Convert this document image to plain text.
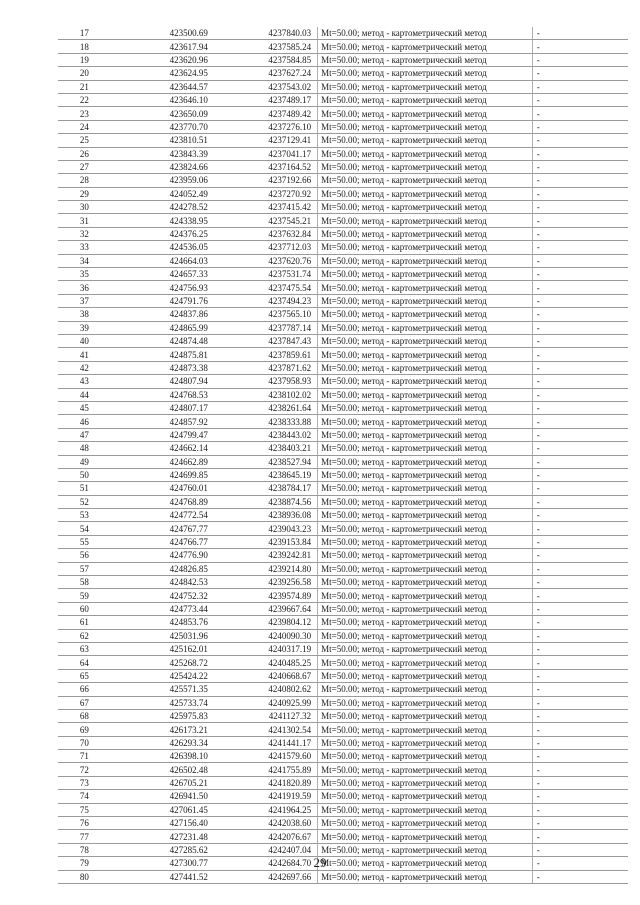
17	423500.69	4237840.03	Mt=50.00; метод - картометрический метод	-
18	423617.94	4237585.24	Mt=50.00; метод - картометрический метод	-
19	423620.96	4237584.85	Mt=50.00; метод - картометрический метод	-
20	423624.95	4237627.24	Mt=50.00; метод - картометрический метод	-
21	423644.57	4237543.02	Mt=50.00; метод - картометрический метод	-
22	423646.10	4237489.17	Mt=50.00; метод - картометрический метод	-
23	423650.09	4237489.42	Mt=50.00; метод - картометрический метод	-
24	423770.70	4237276.10	Mt=50.00; метод - картометрический метод	-
25	423810.51	4237129.41	Mt=50.00; метод - картометрический метод	-
26	423843.39	4237041.17	Mt=50.00; метод - картометрический метод	-
27	423824.66	4237164.52	Mt=50.00; метод - картометрический метод	-
28	423959.06	4237192.66	Mt=50.00; метод - картометрический метод	-
29	424052.49	4237270.92	Mt=50.00; метод - картометрический метод	-
30	424278.52	4237415.42	Mt=50.00; метод - картометрический метод	-
31	424338.95	4237545.21	Mt=50.00; метод - картометрический метод	-
32	424376.25	4237632.84	Mt=50.00; метод - картометрический метод	-
33	424536.05	4237712.03	Mt=50.00; метод - картометрический метод	-
34	424664.03	4237620.76	Mt=50.00; метод - картометрический метод	-
35	424657.33	4237531.74	Mt=50.00; метод - картометрический метод	-
36	424756.93	4237475.54	Mt=50.00; метод - картометрический метод	-
37	424791.76	4237494.23	Mt=50.00; метод - картометрический метод	-
38	424837.86	4237565.10	Mt=50.00; метод - картометрический метод	-
39	424865.99	4237787.14	Mt=50.00; метод - картометрический метод	-
40	424874.48	4237847.43	Mt=50.00; метод - картометрический метод	-
41	424875.81	4237859.61	Mt=50.00; метод - картометрический метод	-
42	424873.38	4237871.62	Mt=50.00; метод - картометрический метод	-
43	424807.94	4237958.93	Mt=50.00; метод - картометрический метод	-
44	424768.53	4238102.02	Mt=50.00; метод - картометрический метод	-
45	424807.17	4238261.64	Mt=50.00; метод - картометрический метод	-
46	424857.92	4238333.88	Mt=50.00; метод - картометрический метод	-
47	424799.47	4238443.02	Mt=50.00; метод - картометрический метод	-
48	424662.14	4238403.21	Mt=50.00; метод - картометрический метод	-
49	424662.89	4238527.94	Mt=50.00; метод - картометрический метод	-
50	424699.85	4238645.19	Mt=50.00; метод - картометрический метод	-
51	424760.01	4238784.17	Mt=50.00; метод - картометрический метод	-
52	424768.89	4238874.56	Mt=50.00; метод - картометрический метод	-
53	424772.54	4238936.08	Mt=50.00; метод - картометрический метод	-
54	424767.77	4239043.23	Mt=50.00; метод - картометрический метод	-
55	424766.77	4239153.84	Mt=50.00; метод - картометрический метод	-
56	424776.90	4239242.81	Mt=50.00; метод - картометрический метод	-
57	424826.85	4239214.80	Mt=50.00; метод - картометрический метод	-
58	424842.53	4239256.58	Mt=50.00; метод - картометрический метод	-
59	424752.32	4239574.89	Mt=50.00; метод - картометрический метод	-
60	424773.44	4239667.64	Mt=50.00; метод - картометрический метод	-
61	424853.76	4239804.12	Mt=50.00; метод - картометрический метод	-
62	425031.96	4240090.30	Mt=50.00; метод - картометрический метод	-
63	425162.01	4240317.19	Mt=50.00; метод - картометрический метод	-
64	425268.72	4240485.25	Mt=50.00; метод - картометрический метод	-
65	425424.22	4240668.67	Mt=50.00; метод - картометрический метод	-
66	425571.35	4240802.62	Mt=50.00; метод - картометрический метод	-
67	425733.74	4240925.99	Mt=50.00; метод - картометрический метод	-
68	425975.83	4241127.32	Mt=50.00; метод - картометрический метод	-
69	426173.21	4241302.54	Mt=50.00; метод - картометрический метод	-
70	426293.34	4241441.17	Mt=50.00; метод - картометрический метод	-
71	426398.10	4241579.60	Mt=50.00; метод - картометрический метод	-
72	426502.48	4241755.89	Mt=50.00; метод - картометрический метод	-
73	426705.21	4241820.89	Mt=50.00; метод - картометрический метод	-
74	426941.50	4241919.59	Mt=50.00; метод - картометрический метод	-
75	427061.45	4241964.25	Mt=50.00; метод - картометрический метод	-
76	427156.40	4242038.60	Mt=50.00; метод - картометрический метод	-
77	427231.48	4242076.67	Mt=50.00; метод - картометрический метод	-
78	427285.62	4242407.04	Mt=50.00; метод - картометрический метод	-
79	427300.77	4242684.70	Mt=50.00; метод - картометрический метод	-
80	427441.52	4242697.66	Mt=50.00; метод - картометрический метод	-
29
